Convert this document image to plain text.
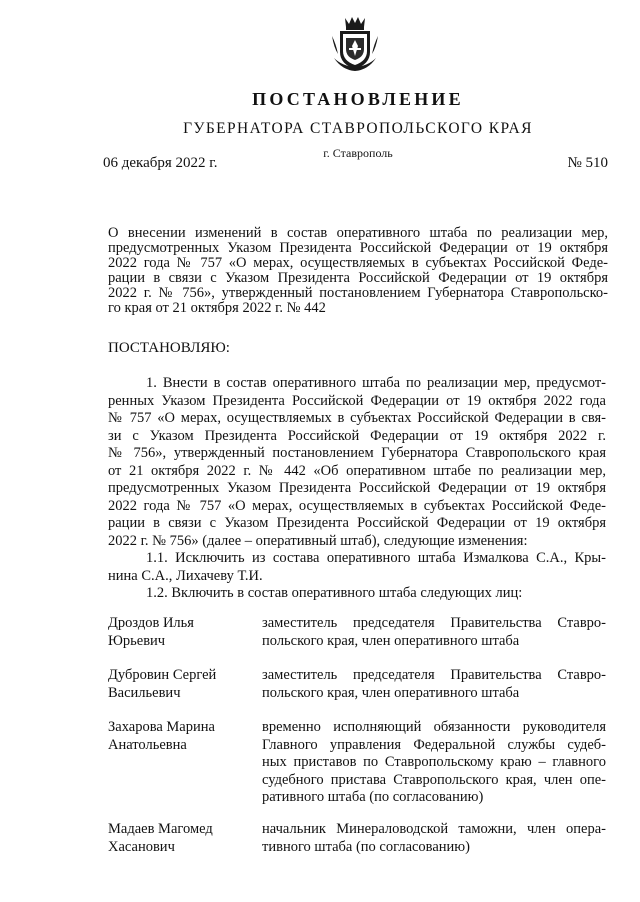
ПОСТАНОВЛЕНИЕ
ГУБЕРНАТОРА СТАВРОПОЛЬСКОГО КРАЯ
г. Ставрополь
06 декабря 2022 г.	№ 510
О внесении изменений в состав оперативного штаба по реализации мер,
предусмотренных Указом Президента Российской Федерации от 19 октября
2022 года № 757 «О мерах, осуществляемых в субъектах Российской Феде-
рации в связи с Указом Президента Российской Федерации от 19 октября
2022 г. № 756», утвержденный постановлением Губернатора Ставропольско-
го края от 21 октября 2022 г. № 442
ПОСТАНОВЛЯЮ:
1. Внести в состав оперативного штаба по реализации мер, предусмот-
ренных Указом Президента Российской Федерации от 19 октября 2022 года
№ 757 «О мерах, осуществляемых в субъектах Российской Федерации в свя-
зи с Указом Президента Российской Федерации от 19 октября 2022 г.
№ 756», утвержденный постановлением Губернатора Ставропольского края
от 21 октября 2022 г. № 442 «Об оперативном штабе по реализации мер,
предусмотренных Указом Президента Российской Федерации от 19 октября
2022 года № 757 «О мерах, осуществляемых в субъектах Российской Феде-
рации в связи с Указом Президента Российской Федерации от 19 октября
2022 г. № 756» (далее – оперативный штаб), следующие изменения:
1.1. Исключить из состава оперативного штаба Измалкова С.А., Кры-
нина С.А., Лихачеву Т.И.
1.2. Включить в состав оперативного штаба следующих лиц:
Дроздов Илья
Юрьевич
заместитель председателя Правительства Ставро-
польского края, член оперативного штаба
Дубровин Сергей
Васильевич
заместитель председателя Правительства Ставро-
польского края, член оперативного штаба
Захарова Марина
Анатольевна
временно исполняющий обязанности руководителя
Главного управления Федеральной службы судеб-
ных приставов по Ставропольскому краю – главного
судебного пристава Ставропольского края, член опе-
ративного штаба (по согласованию)
Мадаев Магомед
Хасанович
начальник Минераловодской таможни, член опера-
тивного штаба (по согласованию)
